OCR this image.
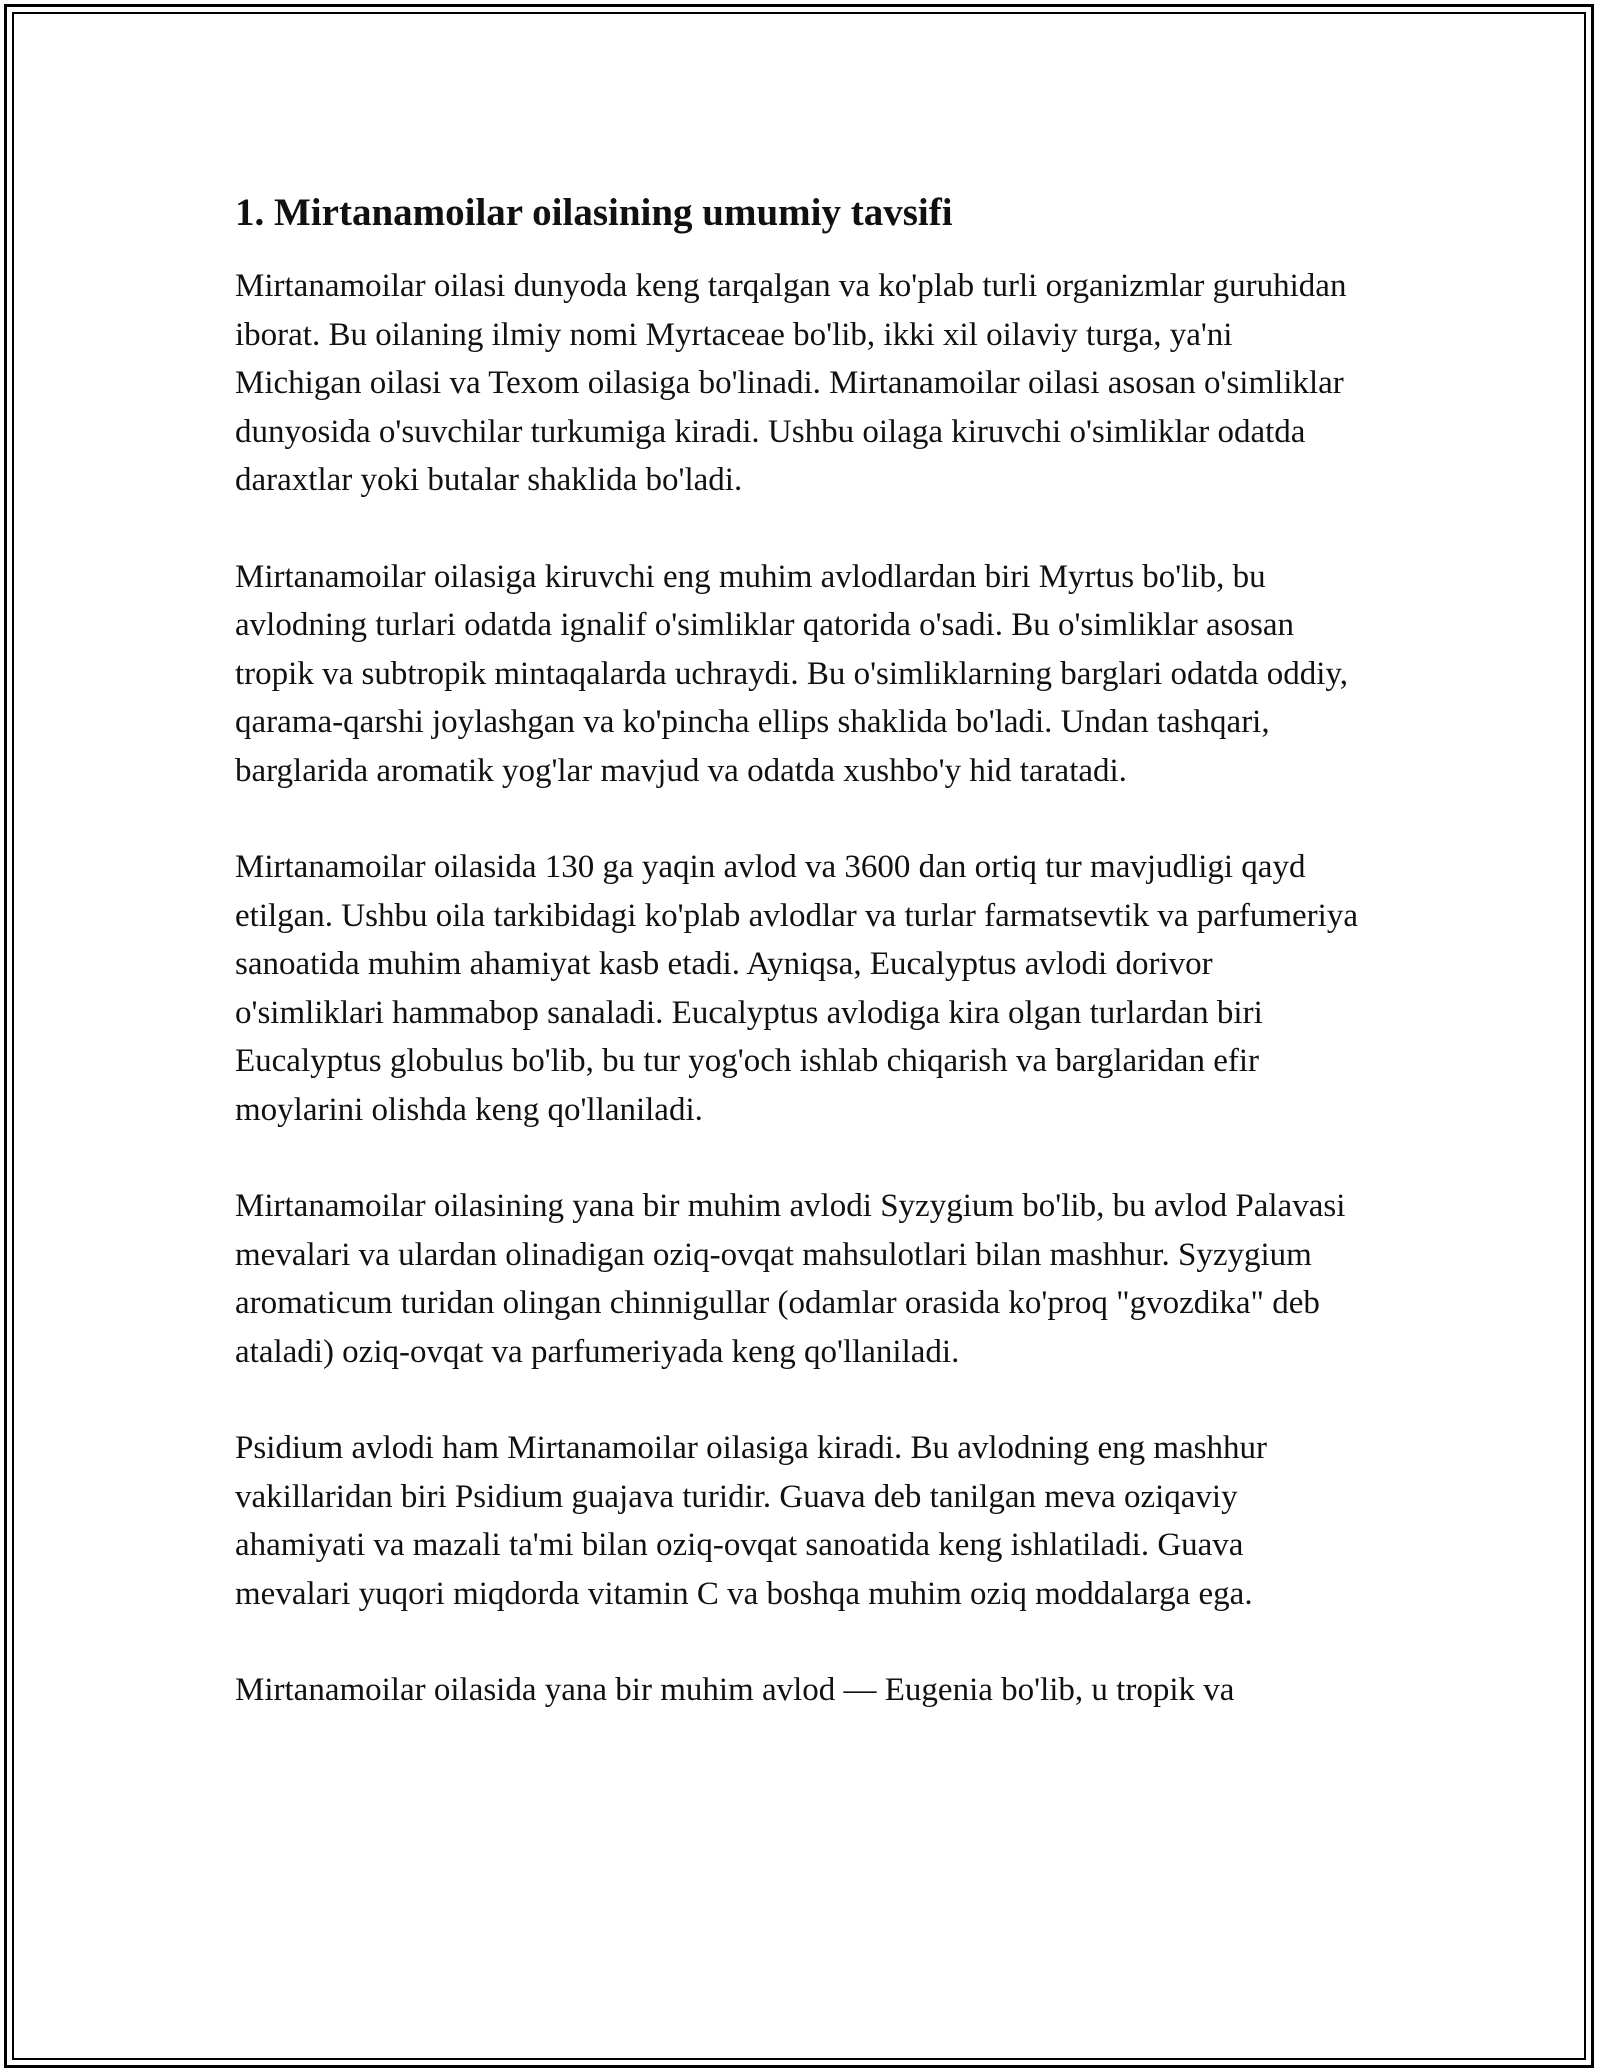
1. Mirtanamoilar oilasining umumiy tavsifi

Mirtanamoilar oilasi dunyoda keng tarqalgan va ko'plab turli organizmlar guruhidan iborat. Bu oilaning ilmiy nomi Myrtaceae bo'lib, ikki xil oilaviy turga, ya'ni Michigan oilasi va Texom oilasiga bo'linadi. Mirtanamoilar oilasi asosan o'simliklar dunyosida o'suvchilar turkumiga kiradi. Ushbu oilaga kiruvchi o'simliklar odatda daraxtlar yoki butalar shaklida bo'ladi.

Mirtanamoilar oilasiga kiruvchi eng muhim avlodlardan biri Myrtus bo'lib, bu avlodning turlari odatda ignalif o'simliklar qatorida o'sadi. Bu o'simliklar asosan tropik va subtropik mintaqalarda uchraydi. Bu o'simliklarning barglari odatda oddiy, qarama-qarshi joylashgan va ko'pincha ellips shaklida bo'ladi. Undan tashqari, barglarida aromatik yog'lar mavjud va odatda xushbo'y hid taratadi.

Mirtanamoilar oilasida 130 ga yaqin avlod va 3600 dan ortiq tur mavjudligi qayd etilgan. Ushbu oila tarkibidagi ko'plab avlodlar va turlar farmatsevtik va parfumeriya sanoatida muhim ahamiyat kasb etadi. Ayniqsa, Eucalyptus avlodi dorivor o'simliklari hammabop sanaladi. Eucalyptus avlodiga kira olgan turlardan biri Eucalyptus globulus bo'lib, bu tur yog'och ishlab chiqarish va barglaridan efir moylarini olishda keng qo'llaniladi.

Mirtanamoilar oilasining yana bir muhim avlodi Syzygium bo'lib, bu avlod Palavasi mevalari va ulardan olinadigan oziq-ovqat mahsulotlari bilan mashhur. Syzygium aromaticum turidan olingan chinnigullar (odamlar orasida ko'proq "gvozdika" deb ataladi) oziq-ovqat va parfumeriyada keng qo'llaniladi.

Psidium avlodi ham Mirtanamoilar oilasiga kiradi. Bu avlodning eng mashhur vakillaridan biri Psidium guajava turidir. Guava deb tanilgan meva oziqaviy ahamiyati va mazali ta'mi bilan oziq-ovqat sanoatida keng ishlatiladi. Guava mevalari yuqori miqdorda vitamin C va boshqa muhim oziq moddalarga ega.

Mirtanamoilar oilasida yana bir muhim avlod — Eugenia bo'lib, u tropik va
